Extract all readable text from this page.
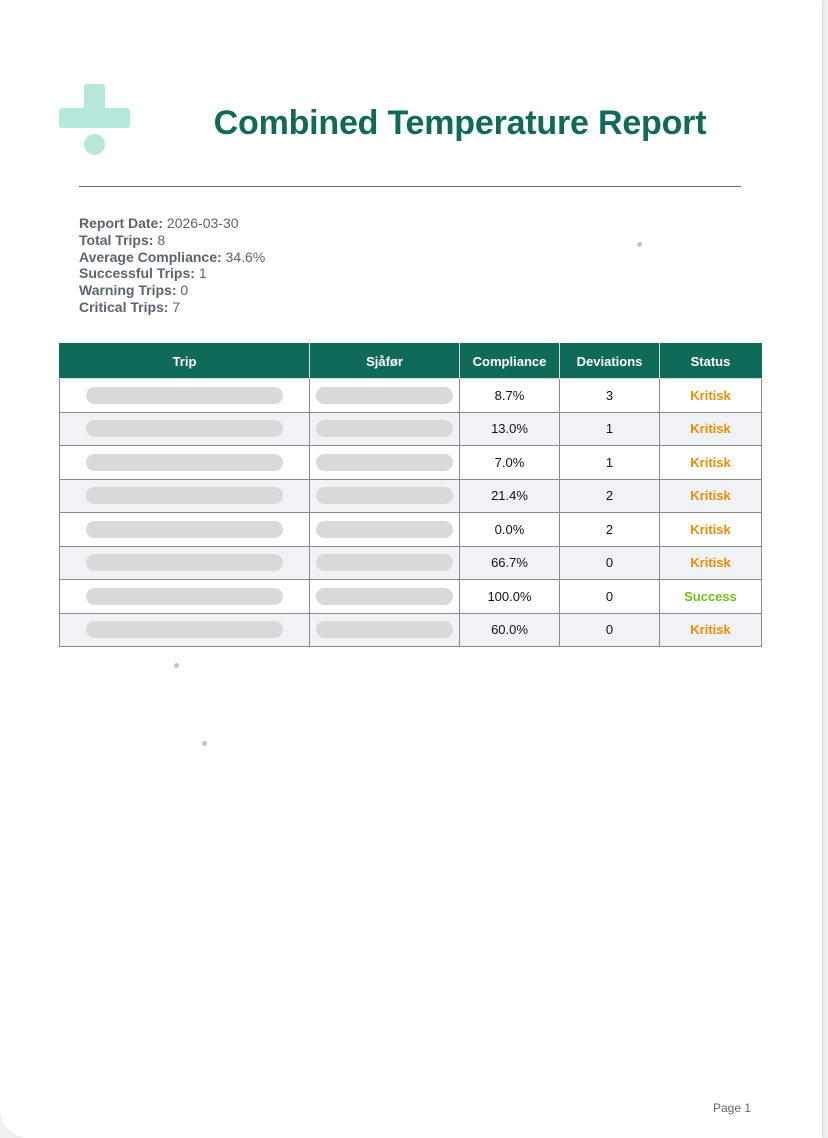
Combined Temperature Report
Report Date: 2026-03-30
Total Trips: 8
Average Compliance: 34.6%
Successful Trips: 1
Warning Trips: 0
Critical Trips: 7
Trip	Sjåfør	Compliance	Deviations	Status
		8.7%	3	Kritisk
		13.0%	1	Kritisk
		7.0%	1	Kritisk
		21.4%	2	Kritisk
		0.0%	2	Kritisk
		66.7%	0	Kritisk
		100.0%	0	Success
		60.0%	0	Kritisk
Page 1
